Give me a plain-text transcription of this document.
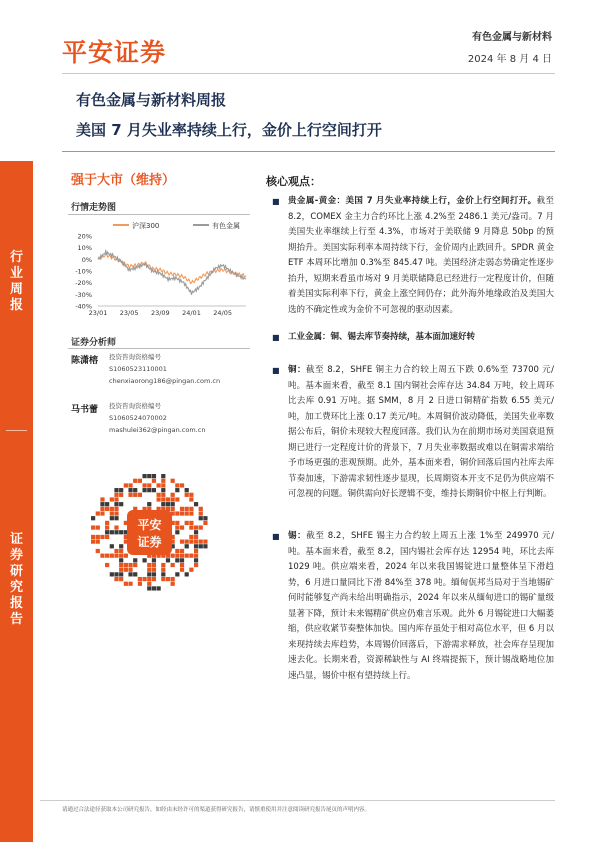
行
业
周
报
证
券
研
究
报
告
平安证券
有色金属与新材料
2024 年 8 月 4 日
有色金属与新材料周报
美国 7 月失业率持续上行，金价上行空间打开
强于大市（维持）
行情走势图
沪深300	有色金属
20%
10%
0%
-10%
-20%
-30%
-40%
23/01 23/05 23/09 24/01 24/05
证券分析师
陈潇榕 投资咨询资格编号
S1060523110001
chenxiaorong186@pingan.com.cn
马书蕾 投资咨询资格编号
S1060524070002
mashulei362@pingan.com.cn
平安
证券
核心观点：
■ 贵金属-黄金：美国 7 月失业率持续上行，金价上行空间打开。截至 8.2，COMEX 金主力合约环比上涨 4.2%至 2486.1 美元/盎司。7 月美国失业率继续上行至 4.3%，市场对于美联储 9 月降息 50bp 的预期抬升。美国实际利率本周持续下行，金价周内止跌回升。SPDR 黄金 ETF 本周环比增加 0.3%至 845.47 吨。美国经济走弱态势确定性逐步抬升，短期来看虽市场对 9 月美联储降息已经进行一定程度计价，但随着美国实际利率下行，黄金上涨空间仍存；此外海外地缘政治及美国大选的不确定性或为金价不可忽视的驱动因素。
■ 工业金属：铜、锡去库节奏持续，基本面加速好转
■ 铜：截至 8.2，SHFE 铜主力合约较上周五下跌 0.6%至 73700 元/吨。基本面来看，截至 8.1 国内铜社会库存达 34.84 万吨，较上周环比去库 0.91 万吨。据 SMM，8 月 2 日进口铜精矿指数 6.55 美元/吨，加工费环比上涨 0.17 美元/吨。本周铜价波动降低，美国失业率数据公布后，铜价未现较大程度回落。我们认为在前期市场对美国衰退预期已进行一定程度计价的背景下，7 月失业率数据或难以在铜需求端给予市场更强的悲观预期。此外，基本面来看，铜价回落后国内社库去库节奏加速，下游需求韧性逐步显现，长周期资本开支不足仍为供应端不可忽视的问题。铜供需向好长逻辑不变，维持长期铜价中枢上行判断。
■ 锡：截至 8.2，SHFE 锡主力合约较上周五上涨 1%至 249970 元/吨。基本面来看，截至 8.2，国内锡社会库存达 12954 吨，环比去库 1029 吨。供应端来看，2024 年以来我国锡锭进口量整体呈下滑趋势，6 月进口量同比下滑 84%至 378 吨。缅甸佤邦当局对于当地锡矿何时能够复产尚未给出明确指示，2024 年以来从缅甸进口的锡矿量级显著下降，预计未来锡精矿供应仍难言乐观。此外 6 月锡锭进口大幅萎缩，供应收紧节奏整体加快。国内库存虽处于相对高位水平，但 6 月以来现持续去库趋势，本周锡价回落后，下游需求释放，社会库存呈现加速去化。长期来看，资源稀缺性与 AI 终端提振下，预计锡战略地位加速凸显，锡价中枢有望持续上行。
请通过合法途径获取本公司研究报告，如经由未经许可的渠道获得研究报告，请慎重使用并注意阅读研究报告尾页的声明内容。
